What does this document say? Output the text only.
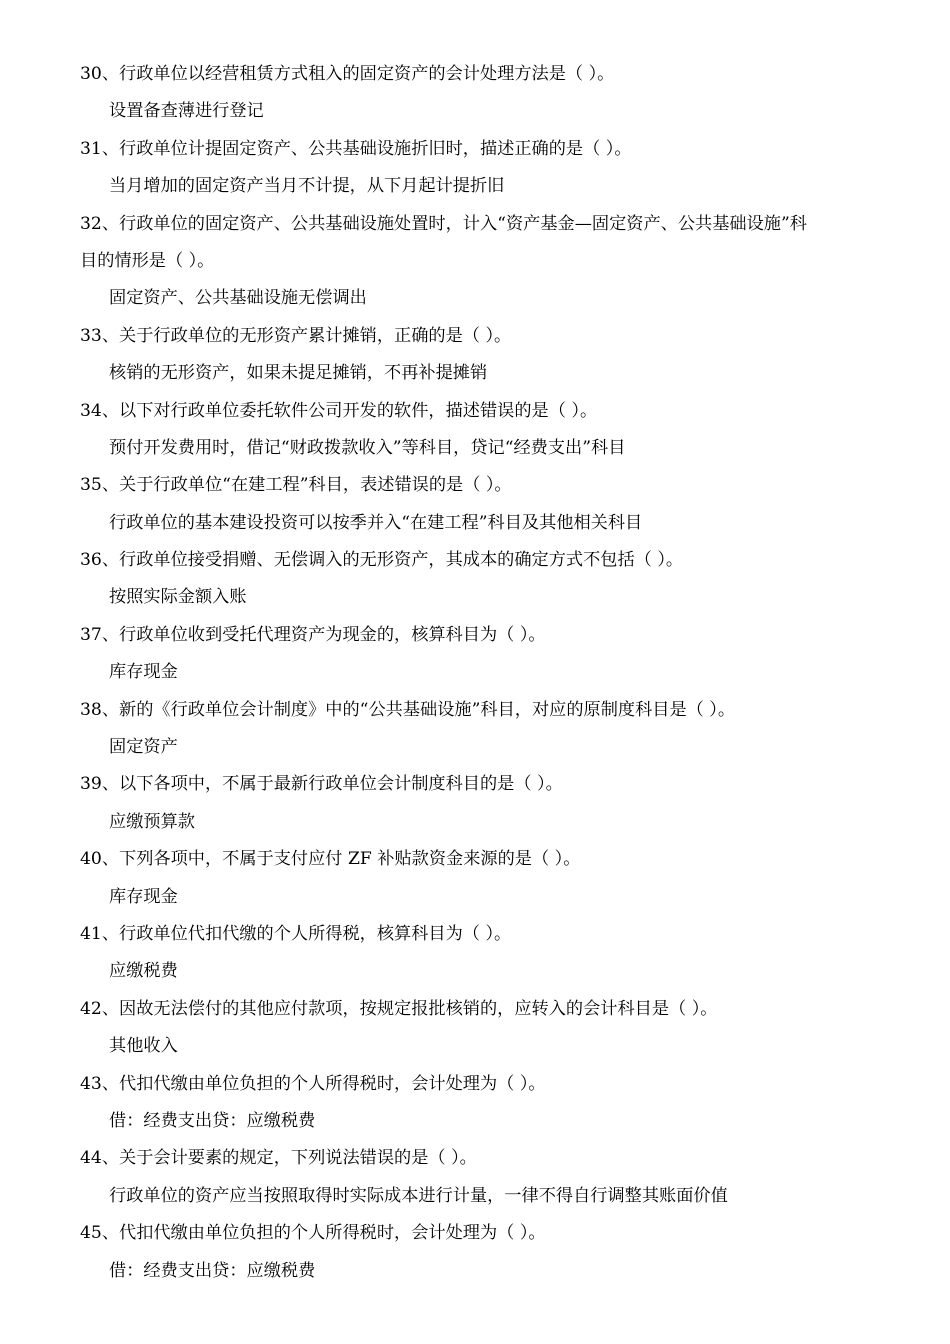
30、行政单位以经营租赁方式租入的固定资产的会计处理方法是（ ）。
设置备查薄进行登记
31、行政单位计提固定资产、公共基础设施折旧时，描述正确的是（ ）。
当月增加的固定资产当月不计提，从下月起计提折旧
32、行政单位的固定资产、公共基础设施处置时，计入“资产基金—固定资产、公共基础设施”科
目的情形是（ ）。
固定资产、公共基础设施无偿调出
33、关于行政单位的无形资产累计摊销，正确的是（ ）。
核销的无形资产，如果未提足摊销，不再补提摊销
34、以下对行政单位委托软件公司开发的软件，描述错误的是（ ）。
预付开发费用时，借记“财政拨款收入”等科目，贷记“经费支出”科目
35、关于行政单位“在建工程”科目，表述错误的是（ ）。
行政单位的基本建设投资可以按季并入“在建工程”科目及其他相关科目
36、行政单位接受捐赠、无偿调入的无形资产，其成本的确定方式不包括（ ）。
按照实际金额入账
37、行政单位收到受托代理资产为现金的，核算科目为（ ）。
库存现金
38、新的《行政单位会计制度》中的“公共基础设施”科目，对应的原制度科目是（ ）。
固定资产
39、以下各项中，不属于最新行政单位会计制度科目的是（ ）。
应缴预算款
40、下列各项中，不属于支付应付 ZF 补贴款资金来源的是（ ）。
库存现金
41、行政单位代扣代缴的个人所得税，核算科目为（ ）。
应缴税费
42、因故无法偿付的其他应付款项，按规定报批核销的，应转入的会计科目是（ ）。
其他收入
43、代扣代缴由单位负担的个人所得税时，会计处理为（ ）。
借：经费支出贷：应缴税费
44、关于会计要素的规定，下列说法错误的是（ ）。
行政单位的资产应当按照取得时实际成本进行计量，一律不得自行调整其账面价值
45、代扣代缴由单位负担的个人所得税时，会计处理为（ ）。
借：经费支出贷：应缴税费
